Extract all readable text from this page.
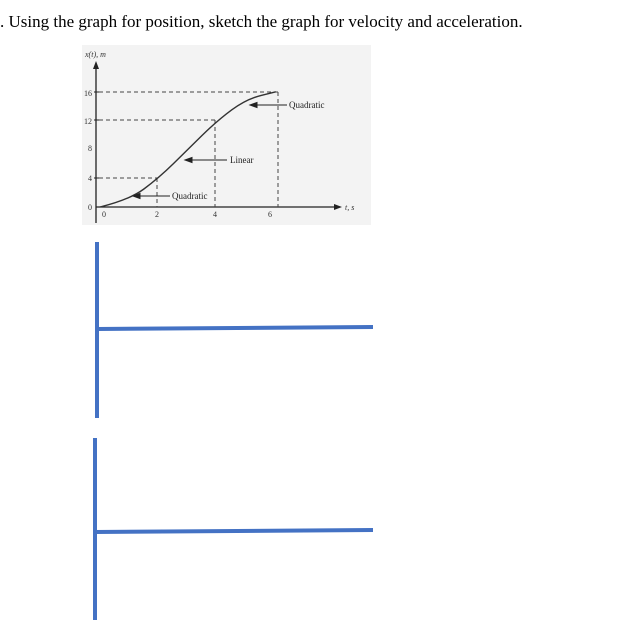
. Using the graph for position, sketch the graph for velocity and acceleration.
x(t), m
t, s
16
12
8
4
0
0	2	4	6
Quadratic
Linear
Quadratic
